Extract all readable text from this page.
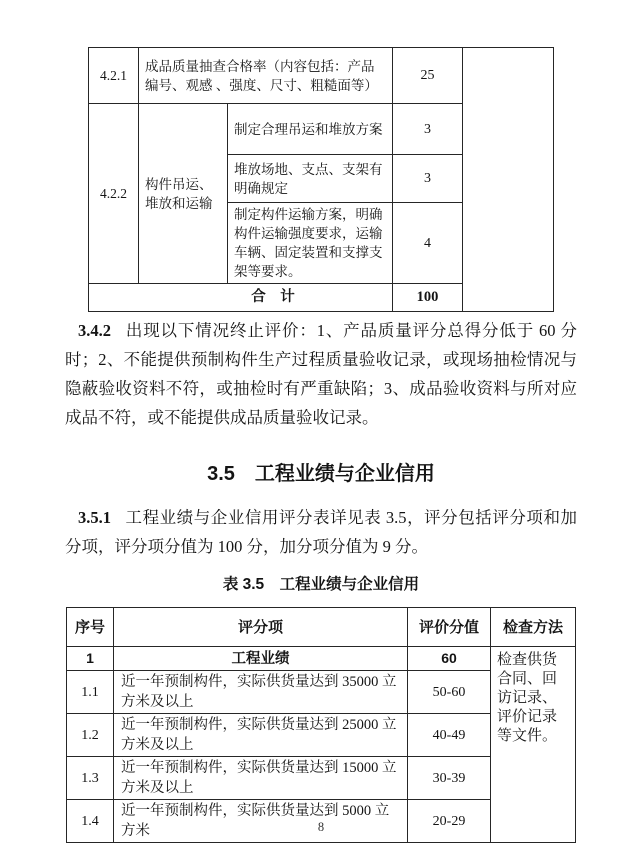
4.2.1	成品质量抽查合格率（内容包括：产品编号、观感 、强度、尺寸、粗糙面等）		25	
4.2.2	构件吊运、堆放和运输	制定合理吊运和堆放方案	3	
		堆放场地、支点、支架有明确规定	3	
		制定构件运输方案，明确构件运输强度要求，运输车辆、固定装置和支撑支架等要求。	4	
合　计			100	

3.4.2 出现以下情况终止评价：1、产品质量评分总得分低于 60 分时；2、不能提供预制构件生产过程质量验收记录，或现场抽检情况与隐蔽验收资料不符，或抽检时有严重缺陷；3、成品验收资料与所对应成品不符，或不能提供成品质量验收记录。

3.5　工程业绩与企业信用

3.5.1 工程业绩与企业信用评分表详见表 3.5，评分包括评分项和加分项，评分项分值为 100 分，加分项分值为 9 分。

表 3.5　工程业绩与企业信用
序号	评分项	评价分值	检查方法
1	工程业绩	60	检查供货合同、回访记录、评价记录等文件。
1.1	近一年预制构件，实际供货量达到 35000 立方米及以上	50-60	
1.2	近一年预制构件，实际供货量达到 25000 立方米及以上	40-49	
1.3	近一年预制构件，实际供货量达到 15000 立方米及以上	30-39	
1.4	近一年预制构件，实际供货量达到 5000 立方米	20-29	
8
